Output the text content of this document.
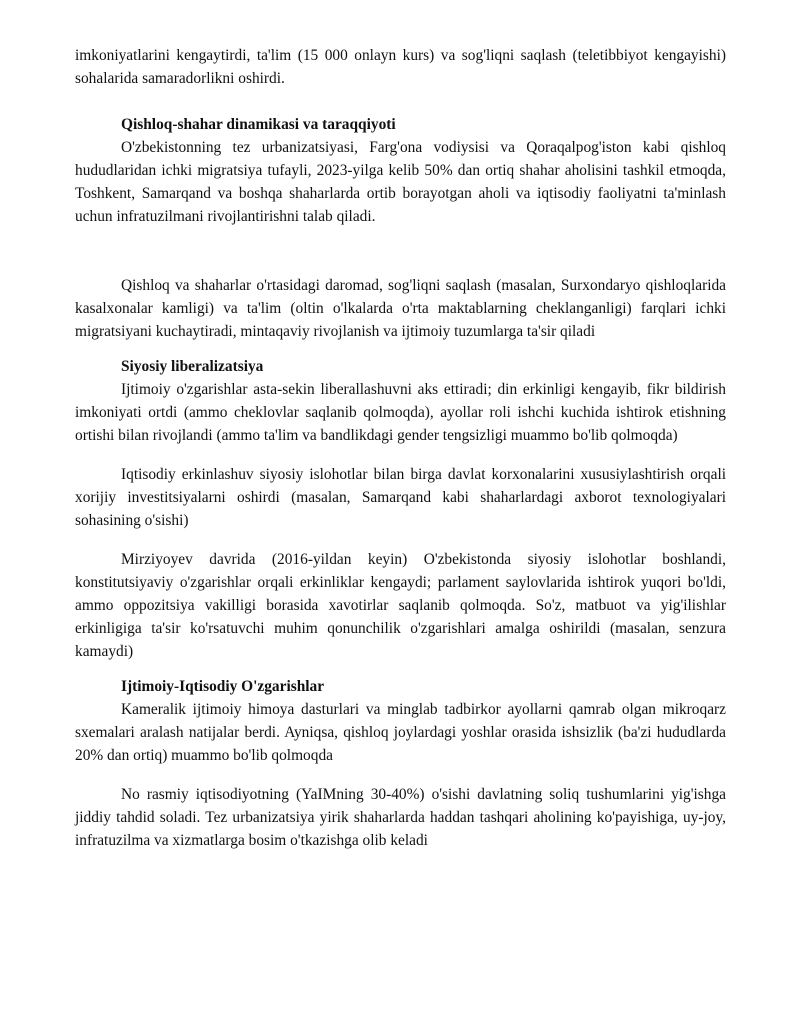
imkoniyatlarini kengaytirdi, ta'lim (15 000 onlayn kurs) va sog'liqni saqlash (teletibbiyot kengayishi) sohalarida samaradorlikni oshirdi.

Qishloq-shahar dinamikasi va taraqqiyoti

O'zbekistonning tez urbanizatsiyasi, Farg'ona vodiysisi va Qoraqalpog'iston kabi qishloq hududlaridan ichki migratsiya tufayli, 2023-yilga kelib 50% dan ortiq shahar aholisini tashkil etmoqda, Toshkent, Samarqand va boshqa shaharlarda ortib borayotgan aholi va iqtisodiy faoliyatni ta'minlash uchun infratuzilmani rivojlantirishni talab qiladi.

Qishloq va shaharlar o'rtasidagi daromad, sog'liqni saqlash (masalan, Surxondaryo qishloqlarida kasalxonalar kamligi) va ta'lim (oltin o'lkalarda o'rta maktablarning cheklanganligi) farqlari ichki migratsiyani kuchaytiradi, mintaqaviy rivojlanish va ijtimoiy tuzumlarga ta'sir qiladi

Siyosiy liberalizatsiya

Ijtimoiy o'zgarishlar asta-sekin liberallashuvni aks ettiradi; din erkinligi kengayib, fikr bildirish imkoniyati ortdi (ammo cheklovlar saqlanib qolmoqda), ayollar roli ishchi kuchida ishtirok etishning ortishi bilan rivojlandi (ammo ta'lim va bandlikdagi gender tengsizligi muammo bo'lib qolmoqda)

Iqtisodiy erkinlashuv siyosiy islohotlar bilan birga davlat korxonalarini xususiylashtirish orqali xorijiy investitsiyalarni oshirdi (masalan, Samarqand kabi shaharlardagi axborot texnologiyalari sohasining o'sishi)

Mirziyoyev davrida (2016-yildan keyin) O'zbekistonda siyosiy islohotlar boshlandi, konstitutsiyaviy o'zgarishlar orqali erkinliklar kengaydi; parlament saylovlarida ishtirok yuqori bo'ldi, ammo oppozitsiya vakilligi borasida xavotirlar saqlanib qolmoqda. So'z, matbuot va yig'ilishlar erkinligiga ta'sir ko'rsatuvchi muhim qonunchilik o'zgarishlari amalga oshirildi (masalan, senzura kamaydi)

Ijtimoiy-Iqtisodiy O'zgarishlar

Kameralik ijtimoiy himoya dasturlari va minglab tadbirkor ayollarni qamrab olgan mikroqarz sxemalari aralash natijalar berdi. Ayniqsa, qishloq joylardagi yoshlar orasida ishsizlik (ba'zi hududlarda 20% dan ortiq) muammo bo'lib qolmoqda

No rasmiy iqtisodiyotning (YaIMning 30-40%) o'sishi davlatning soliq tushumlarini yig'ishga jiddiy tahdid soladi. Tez urbanizatsiya yirik shaharlarda haddan tashqari aholining ko'payishiga, uy-joy, infratuzilma va xizmatlarga bosim o'tkazishga olib keladi
